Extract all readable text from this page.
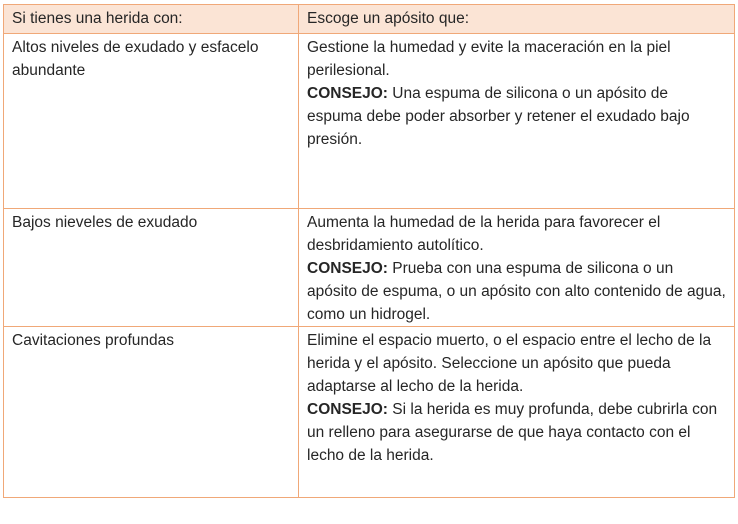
Si tienes una herida con:	Escoge un apósito que:
Altos niveles de exudado y esfacelo abundante	Gestione la humedad y evite la maceración en la piel perilesional.
CONSEJO: Una espuma de silicona o un apósito de espuma debe poder absorber y retener el exudado bajo presión.
Bajos nieveles de exudado	Aumenta la humedad de la herida para favorecer el desbridamiento autolítico.
CONSEJO: Prueba con una espuma de silicona o un apósito de espuma, o un apósito con alto contenido de agua, como un hidrogel.
Cavitaciones profundas	Elimine el espacio muerto, o el espacio entre el lecho de la herida y el apósito. Seleccione un apósito que pueda adaptarse al lecho de la herida.
CONSEJO: Si la herida es muy profunda, debe cubrirla con un relleno para asegurarse de que haya contacto con el lecho de la herida.
